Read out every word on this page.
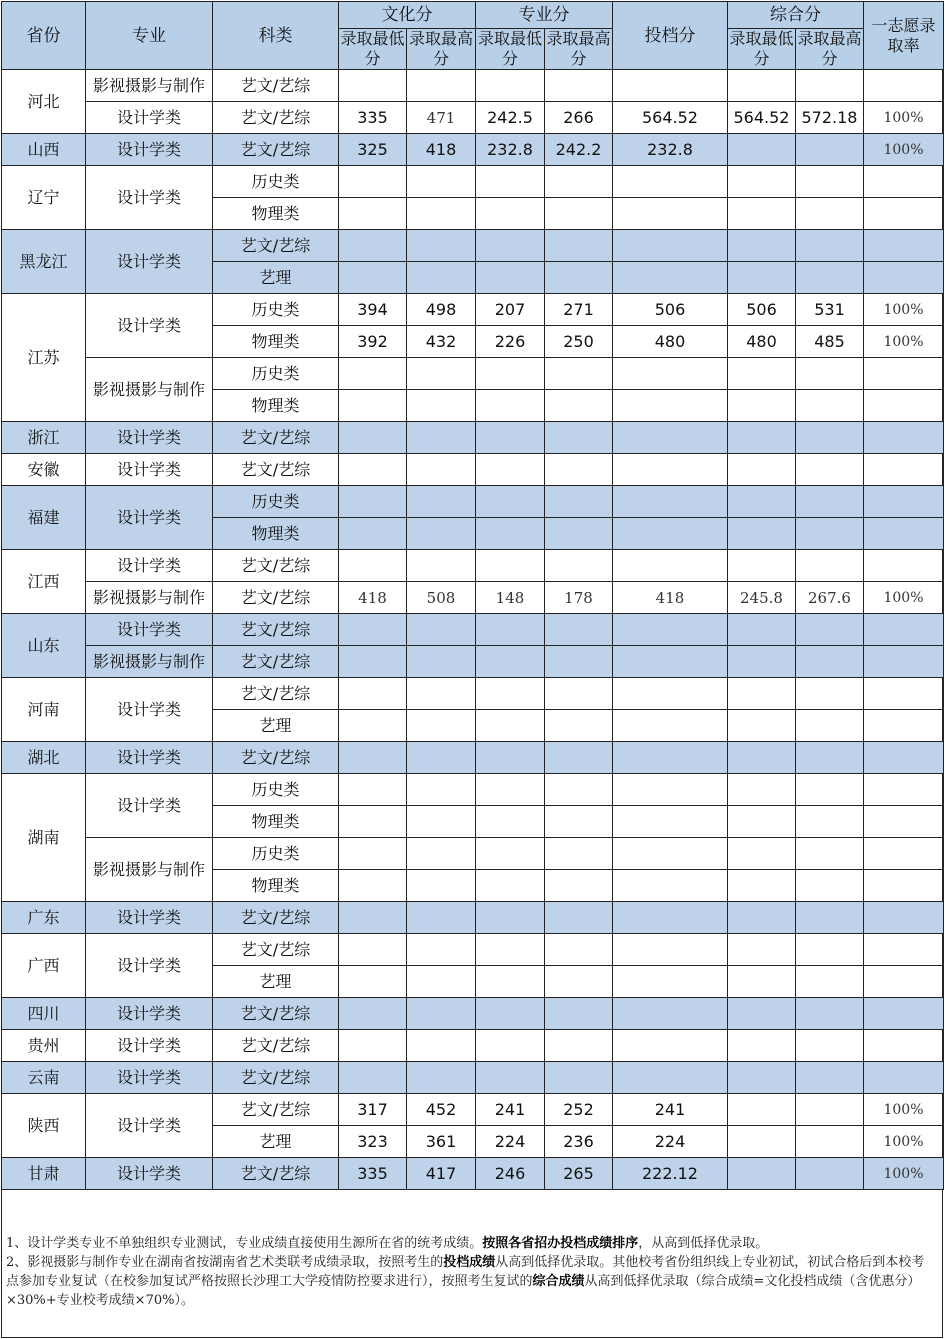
省份	专业	科类	文化分		专业分		投档分	综合分		一志愿录取率
			录取最低分	录取最高分	录取最低分	录取最高分		录取最低分	录取最高分	
河北	影视摄影与制作	艺文/艺综								
	设计学类	艺文/艺综	335	471	242.5	266	564.52	564.52	572.18	100%
山西	设计学类	艺文/艺综	325	418	232.8	242.2	232.8			100%
辽宁	设计学类	历史类								
		物理类								
黑龙江	设计学类	艺文/艺综								
		艺理								
江苏	设计学类	历史类	394	498	207	271	506	506	531	100%
		物理类	392	432	226	250	480	480	485	100%
	影视摄影与制作	历史类								
		物理类								
浙江	设计学类	艺文/艺综								
安徽	设计学类	艺文/艺综								
福建	设计学类	历史类								
		物理类								
江西	设计学类	艺文/艺综								
	影视摄影与制作	艺文/艺综	418	508	148	178	418	245.8	267.6	100%
山东	设计学类	艺文/艺综								
	影视摄影与制作	艺文/艺综								
河南	设计学类	艺文/艺综								
		艺理								
湖北	设计学类	艺文/艺综								
湖南	设计学类	历史类								
		物理类								
	影视摄影与制作	历史类								
		物理类								
广东	设计学类	艺文/艺综								
广西	设计学类	艺文/艺综								
		艺理								
四川	设计学类	艺文/艺综								
贵州	设计学类	艺文/艺综								
云南	设计学类	艺文/艺综								
陕西	设计学类	艺文/艺综	317	452	241	252	241			100%
		艺理	323	361	224	236	224			100%
甘肃	设计学类	艺文/艺综	335	417	246	265	222.12			100%
1、设计学类专业不单独组织专业测试，专业成绩直接使用生源所在省的统考成绩。按照各省招办投档成绩排序，从高到低择优录取。
2、影视摄影与制作专业在湖南省按湖南省艺术类联考成绩录取，按照考生的投档成绩从高到低择优录取。其他校考省份组织线上专业初试，初试合格后到本校考点参加专业复试（在校参加复试严格按照长沙理工大学疫情防控要求进行），按照考生复试的综合成绩从高到低择优录取（综合成绩=文化投档成绩（含优惠分）×30%+专业校考成绩×70%）。
